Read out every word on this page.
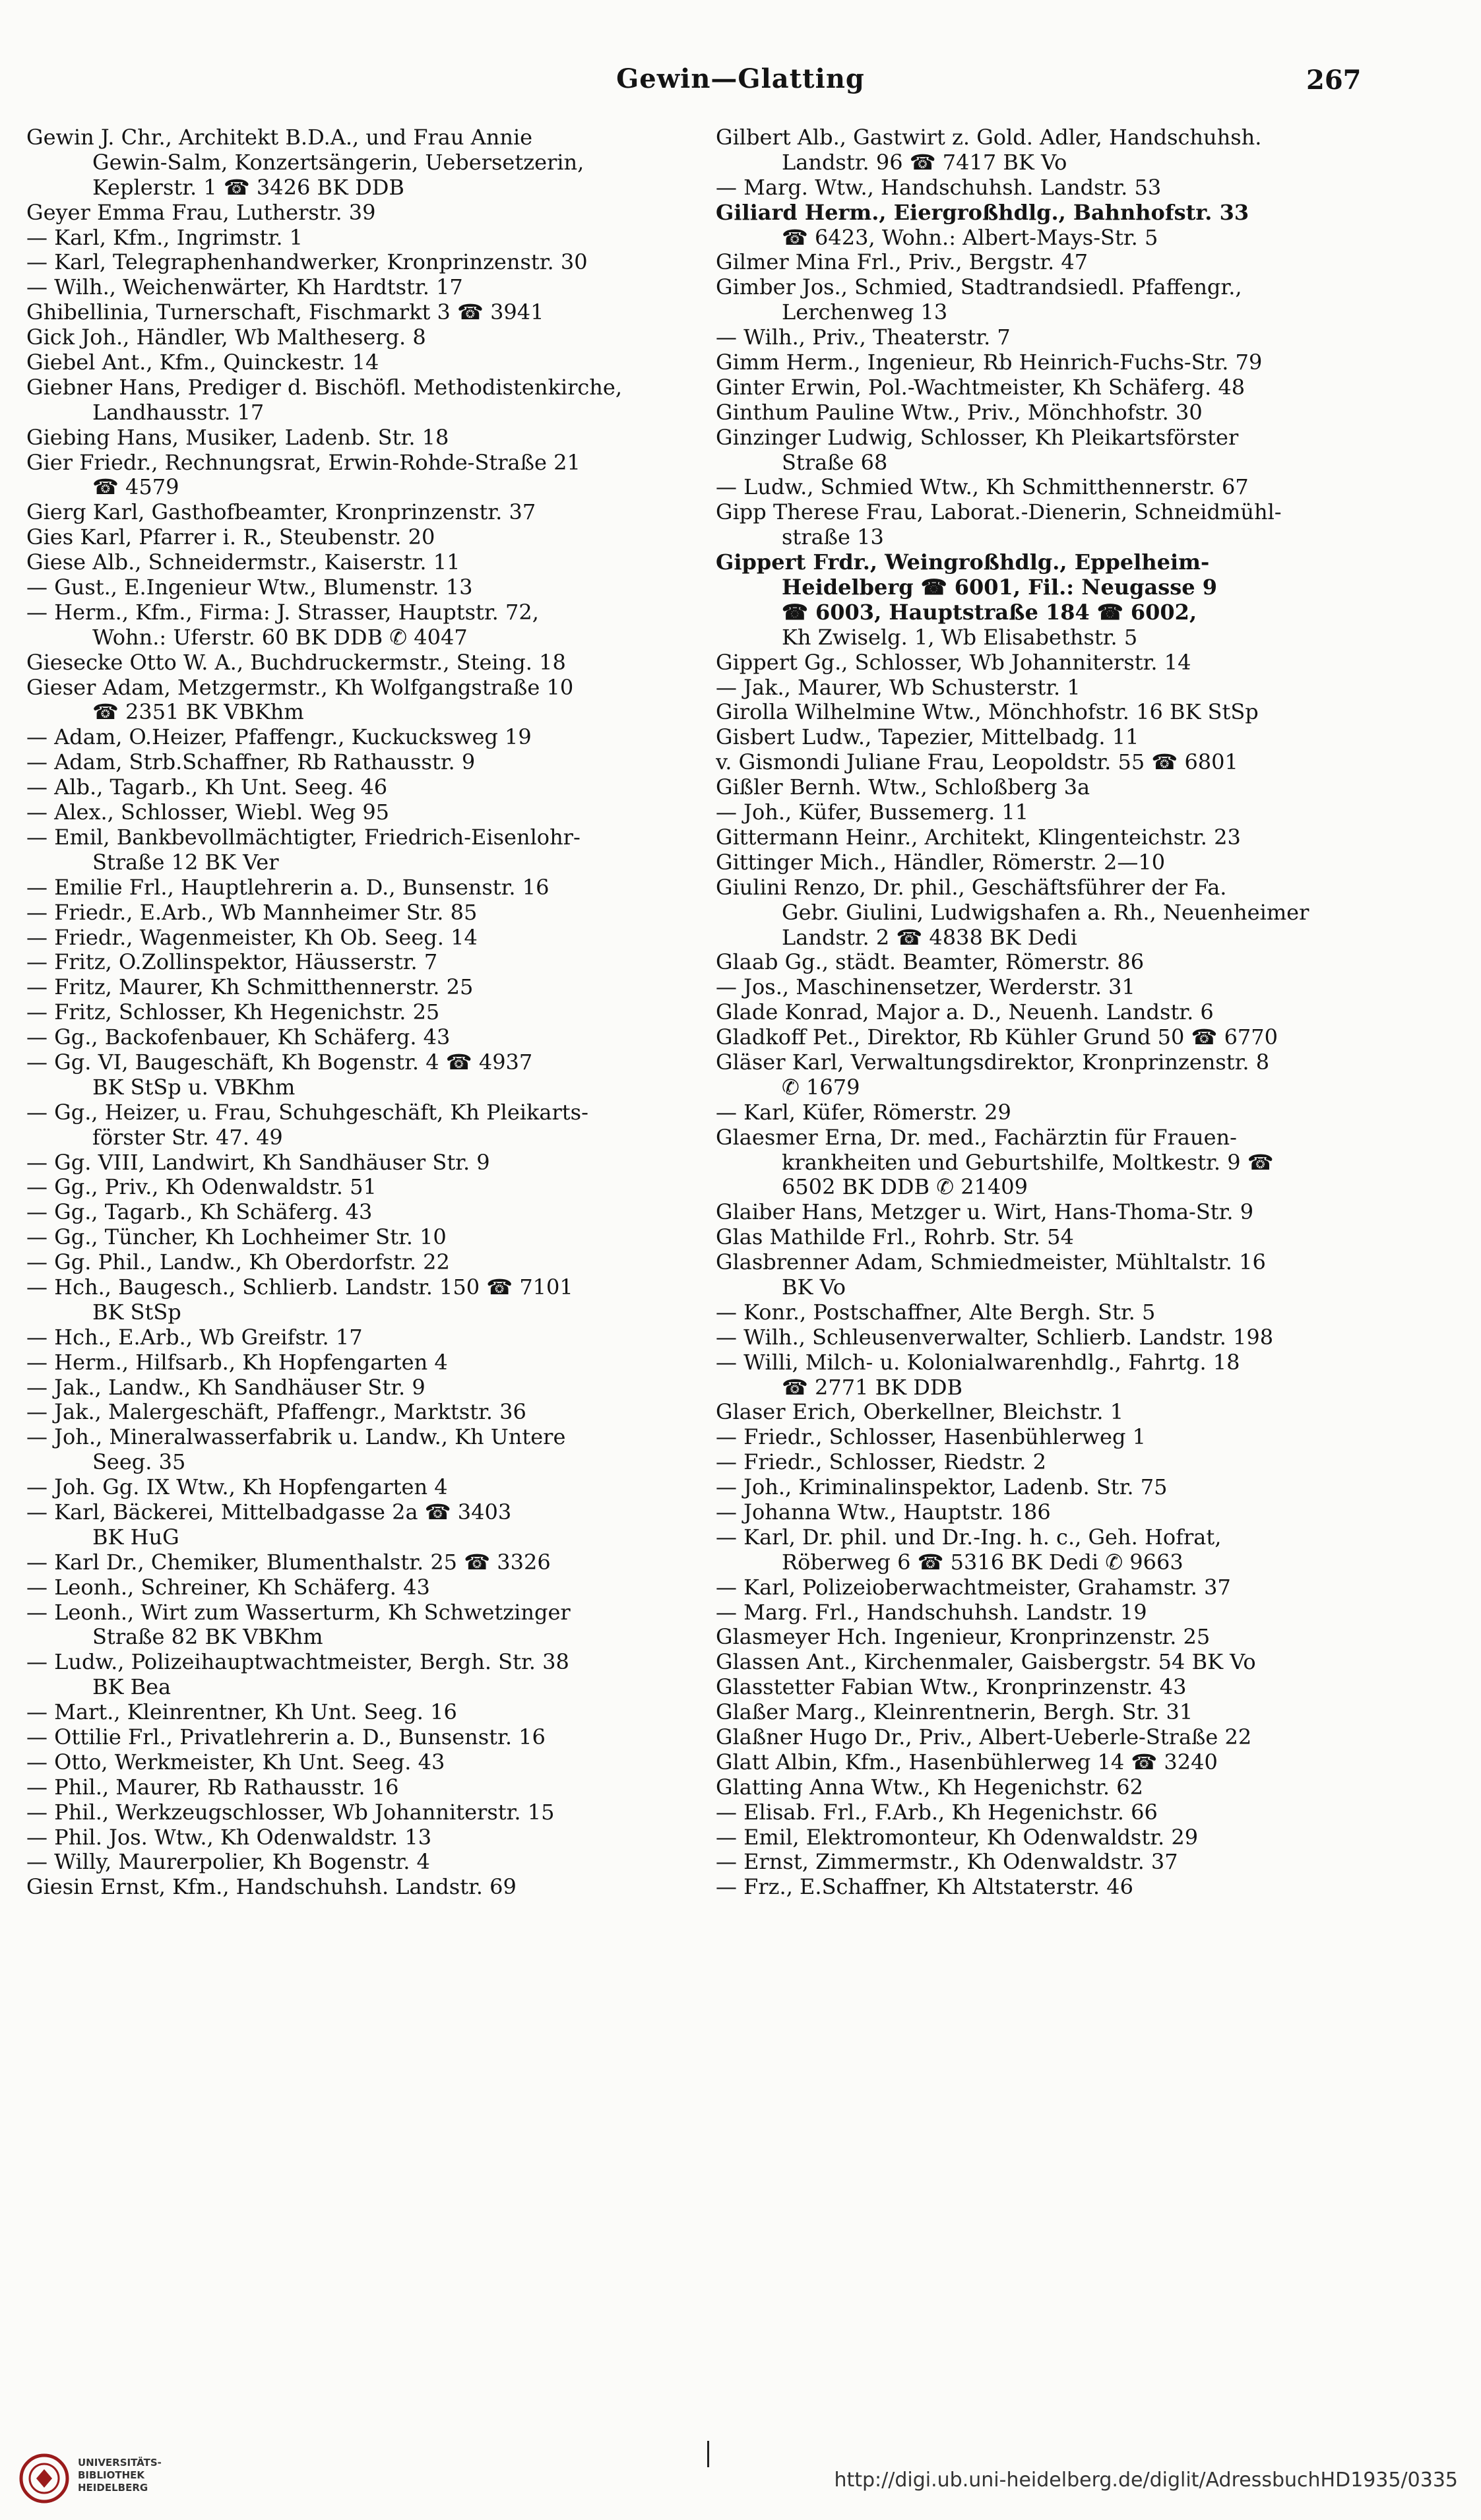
Gewin—Glatting	267
Gewin J. Chr., Architekt B.D.A., und Frau Annie
Gewin-Salm, Konzertsängerin, Uebersetzerin,
Keplerstr. 1 ☎ 3426 BK DDB
Geyer Emma Frau, Lutherstr. 39
— Karl, Kfm., Ingrimstr. 1
— Karl, Telegraphenhandwerker, Kronprinzenstr. 30
— Wilh., Weichenwärter, Kh Hardtstr. 17
Ghibellinia, Turnerschaft, Fischmarkt 3 ☎ 3941
Gick Joh., Händler, Wb Maltheserg. 8
Giebel Ant., Kfm., Quinckestr. 14
Giebner Hans, Prediger d. Bischöfl. Methodistenkirche,
Landhausstr. 17
Giebing Hans, Musiker, Ladenb. Str. 18
Gier Friedr., Rechnungsrat, Erwin-Rohde-Straße 21
☎ 4579
Gierg Karl, Gasthofbeamter, Kronprinzenstr. 37
Gies Karl, Pfarrer i. R., Steubenstr. 20
Giese Alb., Schneidermstr., Kaiserstr. 11
— Gust., E.Ingenieur Wtw., Blumenstr. 13
— Herm., Kfm., Firma: J. Strasser, Hauptstr. 72,
Wohn.: Uferstr. 60 BK DDB ✆ 4047
Giesecke Otto W. A., Buchdruckermstr., Steing. 18
Gieser Adam, Metzgermstr., Kh Wolfgangstraße 10
☎ 2351 BK VBKhm
— Adam, O.Heizer, Pfaffengr., Kuckucksweg 19
— Adam, Strb.Schaffner, Rb Rathausstr. 9
— Alb., Tagarb., Kh Unt. Seeg. 46
— Alex., Schlosser, Wiebl. Weg 95
— Emil, Bankbevollmächtigter, Friedrich-Eisenlohr-
Straße 12 BK Ver
— Emilie Frl., Hauptlehrerin a. D., Bunsenstr. 16
— Friedr., E.Arb., Wb Mannheimer Str. 85
— Friedr., Wagenmeister, Kh Ob. Seeg. 14
— Fritz, O.Zollinspektor, Häusserstr. 7
— Fritz, Maurer, Kh Schmitthennerstr. 25
— Fritz, Schlosser, Kh Hegenichstr. 25
— Gg., Backofenbauer, Kh Schäferg. 43
— Gg. VI, Baugeschäft, Kh Bogenstr. 4 ☎ 4937
BK StSp u. VBKhm
— Gg., Heizer, u. Frau, Schuhgeschäft, Kh Pleikarts-
förster Str. 47. 49
— Gg. VIII, Landwirt, Kh Sandhäuser Str. 9
— Gg., Priv., Kh Odenwaldstr. 51
— Gg., Tagarb., Kh Schäferg. 43
— Gg., Tüncher, Kh Lochheimer Str. 10
— Gg. Phil., Landw., Kh Oberdorfstr. 22
— Hch., Baugesch., Schlierb. Landstr. 150 ☎ 7101
BK StSp
— Hch., E.Arb., Wb Greifstr. 17
— Herm., Hilfsarb., Kh Hopfengarten 4
— Jak., Landw., Kh Sandhäuser Str. 9
— Jak., Malergeschäft, Pfaffengr., Marktstr. 36
— Joh., Mineralwasserfabrik u. Landw., Kh Untere
Seeg. 35
— Joh. Gg. IX Wtw., Kh Hopfengarten 4
— Karl, Bäckerei, Mittelbadgasse 2a ☎ 3403
BK HuG
— Karl Dr., Chemiker, Blumenthalstr. 25 ☎ 3326
— Leonh., Schreiner, Kh Schäferg. 43
— Leonh., Wirt zum Wasserturm, Kh Schwetzinger
Straße 82 BK VBKhm
— Ludw., Polizeihauptwachtmeister, Bergh. Str. 38
BK Bea
— Mart., Kleinrentner, Kh Unt. Seeg. 16
— Ottilie Frl., Privatlehrerin a. D., Bunsenstr. 16
— Otto, Werkmeister, Kh Unt. Seeg. 43
— Phil., Maurer, Rb Rathausstr. 16
— Phil., Werkzeugschlosser, Wb Johanniterstr. 15
— Phil. Jos. Wtw., Kh Odenwaldstr. 13
— Willy, Maurerpolier, Kh Bogenstr. 4
Giesin Ernst, Kfm., Handschuhsh. Landstr. 69
Gilbert Alb., Gastwirt z. Gold. Adler, Handschuhsh.
Landstr. 96 ☎ 7417 BK Vo
— Marg. Wtw., Handschuhsh. Landstr. 53
Giliard Herm., Eiergroßhdlg., Bahnhofstr. 33
☎ 6423, Wohn.: Albert-Mays-Str. 5
Gilmer Mina Frl., Priv., Bergstr. 47
Gimber Jos., Schmied, Stadtrandsiedl. Pfaffengr.,
Lerchenweg 13
— Wilh., Priv., Theaterstr. 7
Gimm Herm., Ingenieur, Rb Heinrich-Fuchs-Str. 79
Ginter Erwin, Pol.-Wachtmeister, Kh Schäferg. 48
Ginthum Pauline Wtw., Priv., Mönchhofstr. 30
Ginzinger Ludwig, Schlosser, Kh Pleikartsförster
Straße 68
— Ludw., Schmied Wtw., Kh Schmitthennerstr. 67
Gipp Therese Frau, Laborat.-Dienerin, Schneidmühl-
straße 13
Gippert Frdr., Weingroßhdlg., Eppelheim-
Heidelberg ☎ 6001, Fil.: Neugasse 9
☎ 6003, Hauptstraße 184 ☎ 6002,
Kh Zwiselg. 1, Wb Elisabethstr. 5
Gippert Gg., Schlosser, Wb Johanniterstr. 14
— Jak., Maurer, Wb Schusterstr. 1
Girolla Wilhelmine Wtw., Mönchhofstr. 16 BK StSp
Gisbert Ludw., Tapezier, Mittelbadg. 11
v. Gismondi Juliane Frau, Leopoldstr. 55 ☎ 6801
Gißler Bernh. Wtw., Schloßberg 3a
— Joh., Küfer, Bussemerg. 11
Gittermann Heinr., Architekt, Klingenteichstr. 23
Gittinger Mich., Händler, Römerstr. 2—10
Giulini Renzo, Dr. phil., Geschäftsführer der Fa.
Gebr. Giulini, Ludwigshafen a. Rh., Neuenheimer
Landstr. 2 ☎ 4838 BK Dedi
Glaab Gg., städt. Beamter, Römerstr. 86
— Jos., Maschinensetzer, Werderstr. 31
Glade Konrad, Major a. D., Neuenh. Landstr. 6
Gladkoff Pet., Direktor, Rb Kühler Grund 50 ☎ 6770
Gläser Karl, Verwaltungsdirektor, Kronprinzenstr. 8
✆ 1679
— Karl, Küfer, Römerstr. 29
Glaesmer Erna, Dr. med., Fachärztin für Frauen-
krankheiten und Geburtshilfe, Moltkestr. 9 ☎
6502 BK DDB ✆ 21409
Glaiber Hans, Metzger u. Wirt, Hans-Thoma-Str. 9
Glas Mathilde Frl., Rohrb. Str. 54
Glasbrenner Adam, Schmiedmeister, Mühltalstr. 16
BK Vo
— Konr., Postschaffner, Alte Bergh. Str. 5
— Wilh., Schleusenverwalter, Schlierb. Landstr. 198
— Willi, Milch- u. Kolonialwarenhdlg., Fahrtg. 18
☎ 2771 BK DDB
Glaser Erich, Oberkellner, Bleichstr. 1
— Friedr., Schlosser, Hasenbühlerweg 1
— Friedr., Schlosser, Riedstr. 2
— Joh., Kriminalinspektor, Ladenb. Str. 75
— Johanna Wtw., Hauptstr. 186
— Karl, Dr. phil. und Dr.-Ing. h. c., Geh. Hofrat,
Röberweg 6 ☎ 5316 BK Dedi ✆ 9663
— Karl, Polizeioberwachtmeister, Grahamstr. 37
— Marg. Frl., Handschuhsh. Landstr. 19
Glasmeyer Hch. Ingenieur, Kronprinzenstr. 25
Glassen Ant., Kirchenmaler, Gaisbergstr. 54 BK Vo
Glasstetter Fabian Wtw., Kronprinzenstr. 43
Glaßer Marg., Kleinrentnerin, Bergh. Str. 31
Glaßner Hugo Dr., Priv., Albert-Ueberle-Straße 22
Glatt Albin, Kfm., Hasenbühlerweg 14 ☎ 3240
Glatting Anna Wtw., Kh Hegenichstr. 62
— Elisab. Frl., F.Arb., Kh Hegenichstr. 66
— Emil, Elektromonteur, Kh Odenwaldstr. 29
— Ernst, Zimmermstr., Kh Odenwaldstr. 37
— Frz., E.Schaffner, Kh Altstaterstr. 46
UNIVERSITÄTS-
BIBLIOTHEK
HEIDELBERG	http://digi.ub.uni-heidelberg.de/diglit/AdressbuchHD1935/0335
